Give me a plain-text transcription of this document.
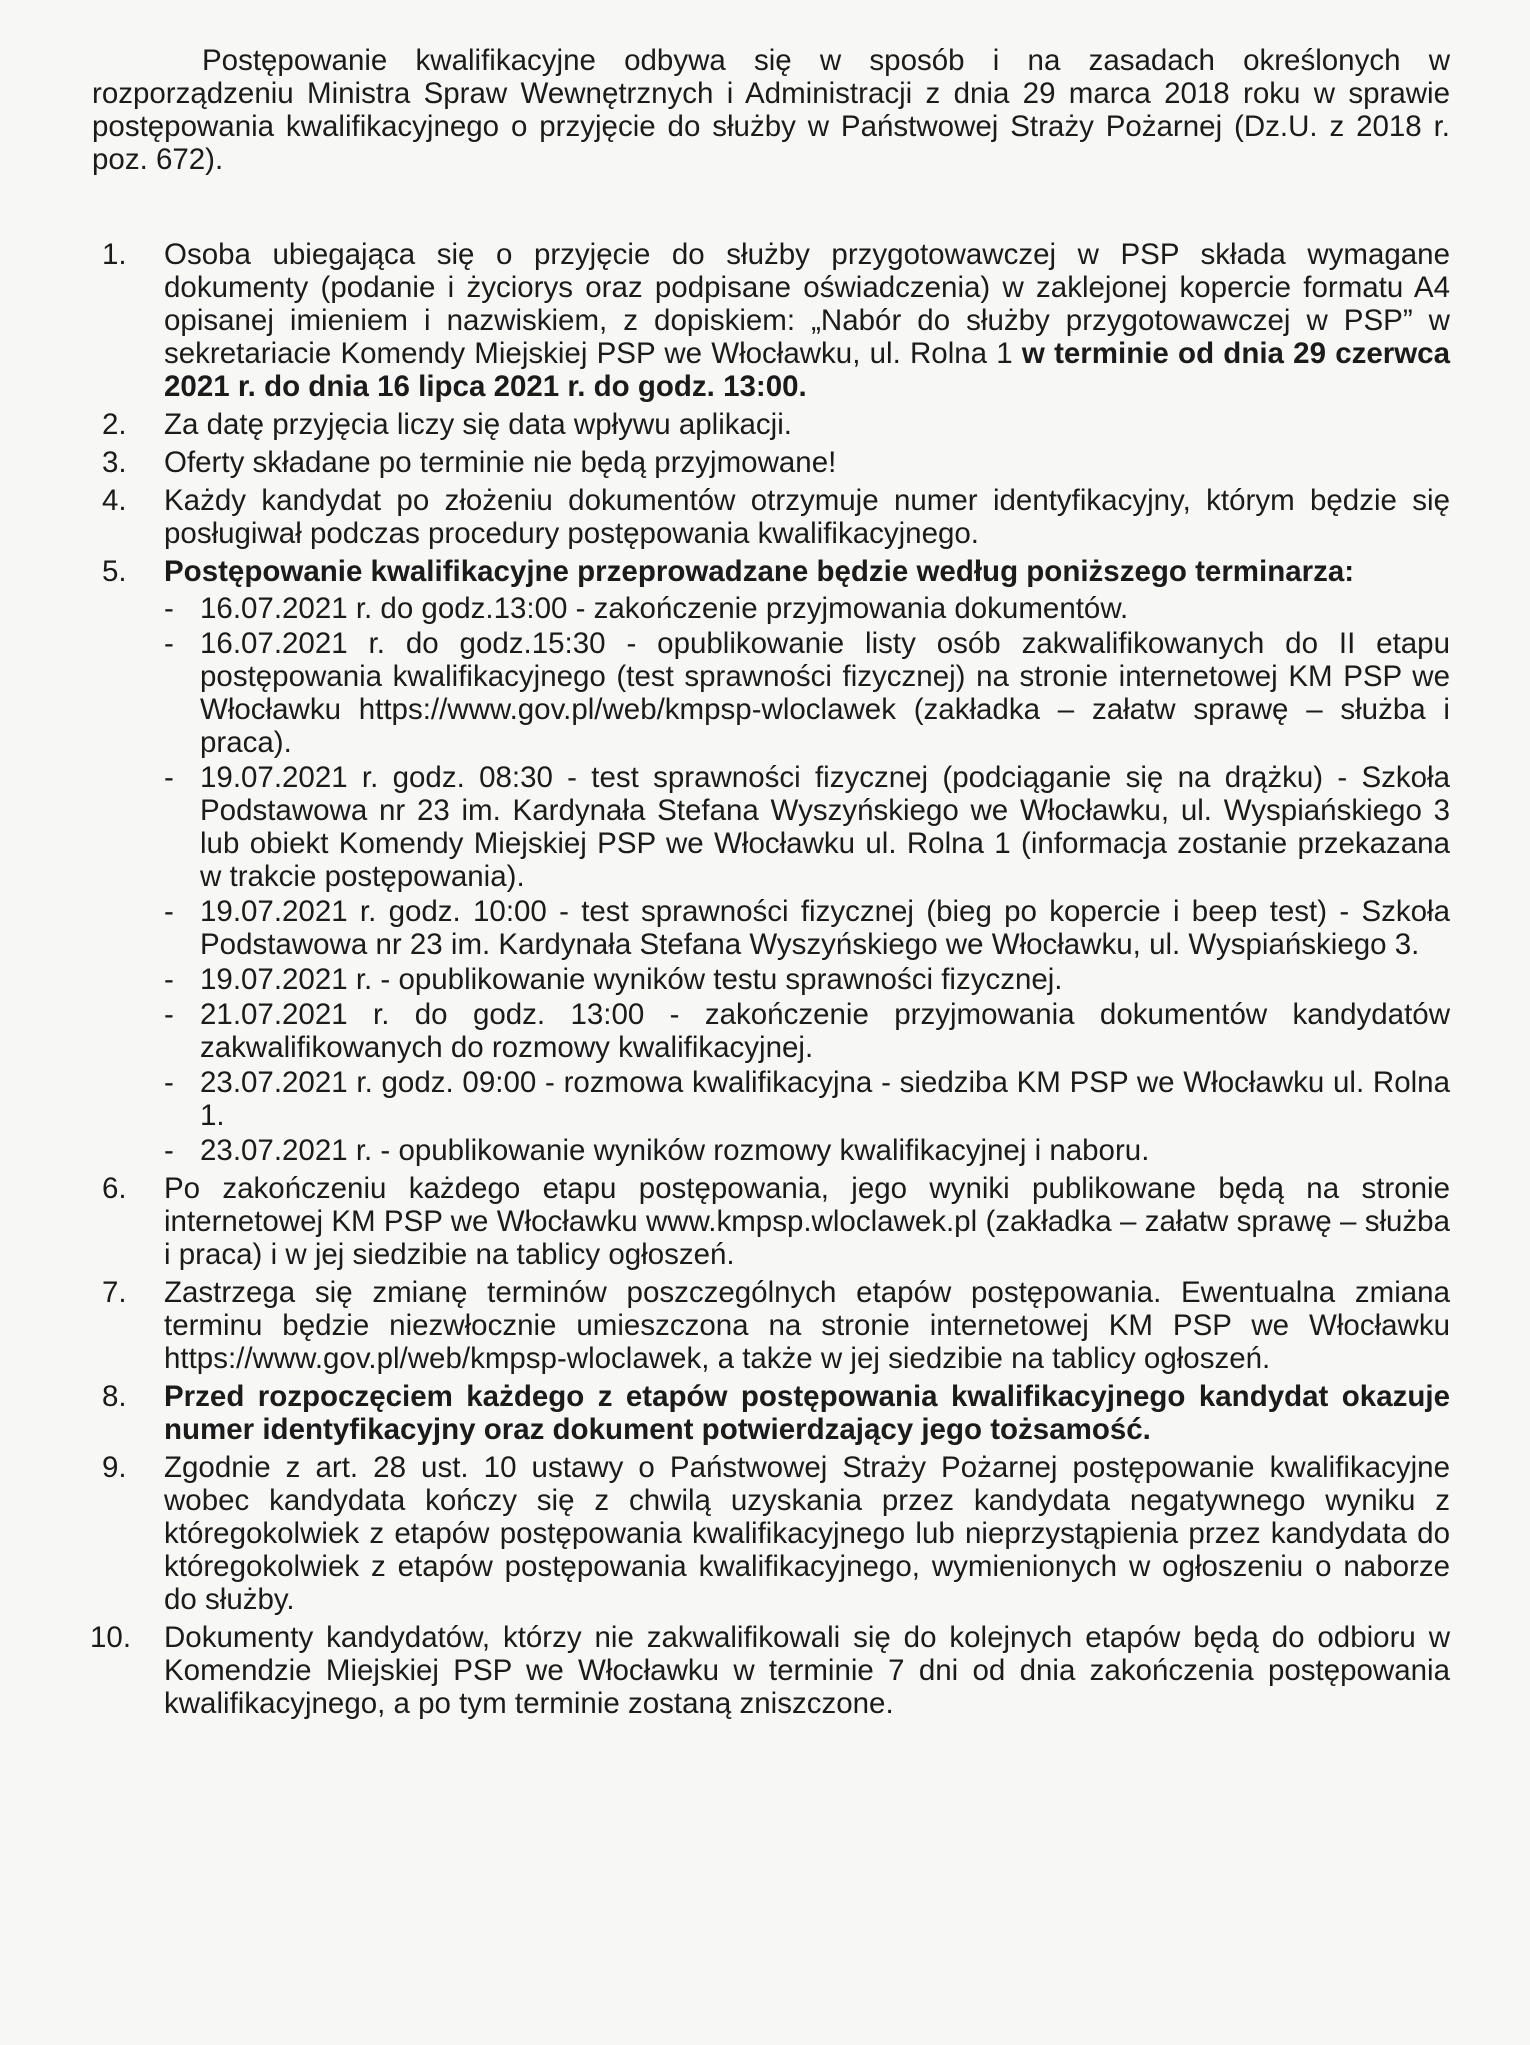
Postępowanie kwalifikacyjne odbywa się w sposób i na zasadach określonych w rozporządzeniu Ministra Spraw Wewnętrznych i Administracji z dnia 29 marca 2018 roku w sprawie postępowania kwalifikacyjnego o przyjęcie do służby w Państwowej Straży Pożarnej (Dz.U. z 2018 r. poz. 672).

1. Osoba ubiegająca się o przyjęcie do służby przygotowawczej w PSP składa wymagane dokumenty (podanie i życiorys oraz podpisane oświadczenia) w zaklejonej kopercie formatu A4 opisanej imieniem i nazwiskiem, z dopiskiem: „Nabór do służby przygotowawczej w PSP” w sekretariacie Komendy Miejskiej PSP we Włocławku, ul. Rolna 1 w terminie od dnia 29 czerwca 2021 r. do dnia 16 lipca 2021 r. do godz. 13:00.
2. Za datę przyjęcia liczy się data wpływu aplikacji.
3. Oferty składane po terminie nie będą przyjmowane!
4. Każdy kandydat po złożeniu dokumentów otrzymuje numer identyfikacyjny, którym będzie się posługiwał podczas procedury postępowania kwalifikacyjnego.
5. Postępowanie kwalifikacyjne przeprowadzane będzie według poniższego terminarza:
- 16.07.2021 r. do godz.13:00 - zakończenie przyjmowania dokumentów.
- 16.07.2021 r. do godz.15:30 - opublikowanie listy osób zakwalifikowanych do II etapu postępowania kwalifikacyjnego (test sprawności fizycznej) na stronie internetowej KM PSP we Włocławku https://www.gov.pl/web/kmpsp-wloclawek (zakładka – załatw sprawę – służba i praca).
- 19.07.2021 r. godz. 08:30 - test sprawności fizycznej (podciąganie się na drążku) - Szkoła Podstawowa nr 23 im. Kardynała Stefana Wyszyńskiego we Włocławku, ul. Wyspiańskiego 3 lub obiekt Komendy Miejskiej PSP we Włocławku ul. Rolna 1 (informacja zostanie przekazana w trakcie postępowania).
- 19.07.2021 r. godz. 10:00 - test sprawności fizycznej (bieg po kopercie i beep test) - Szkoła Podstawowa nr 23 im. Kardynała Stefana Wyszyńskiego we Włocławku, ul. Wyspiańskiego 3.
- 19.07.2021 r. - opublikowanie wyników testu sprawności fizycznej.
- 21.07.2021 r. do godz. 13:00 - zakończenie przyjmowania dokumentów kandydatów zakwalifikowanych do rozmowy kwalifikacyjnej.
- 23.07.2021 r. godz. 09:00 - rozmowa kwalifikacyjna - siedziba KM PSP we Włocławku ul. Rolna 1.
- 23.07.2021 r. - opublikowanie wyników rozmowy kwalifikacyjnej i naboru.
6. Po zakończeniu każdego etapu postępowania, jego wyniki publikowane będą na stronie internetowej KM PSP we Włocławku www.kmpsp.wloclawek.pl (zakładka – załatw sprawę – służba i praca) i w jej siedzibie na tablicy ogłoszeń.
7. Zastrzega się zmianę terminów poszczególnych etapów postępowania. Ewentualna zmiana terminu będzie niezwłocznie umieszczona na stronie internetowej KM PSP we Włocławku https://www.gov.pl/web/kmpsp-wloclawek, a także w jej siedzibie na tablicy ogłoszeń.
8. Przed rozpoczęciem każdego z etapów postępowania kwalifikacyjnego kandydat okazuje numer identyfikacyjny oraz dokument potwierdzający jego tożsamość.
9. Zgodnie z art. 28 ust. 10 ustawy o Państwowej Straży Pożarnej postępowanie kwalifikacyjne wobec kandydata kończy się z chwilą uzyskania przez kandydata negatywnego wyniku z któregokolwiek z etapów postępowania kwalifikacyjnego lub nieprzystąpienia przez kandydata do któregokolwiek z etapów postępowania kwalifikacyjnego, wymienionych w ogłoszeniu o naborze do służby.
10. Dokumenty kandydatów, którzy nie zakwalifikowali się do kolejnych etapów będą do odbioru w Komendzie Miejskiej PSP we Włocławku w terminie 7 dni od dnia zakończenia postępowania kwalifikacyjnego, a po tym terminie zostaną zniszczone.
